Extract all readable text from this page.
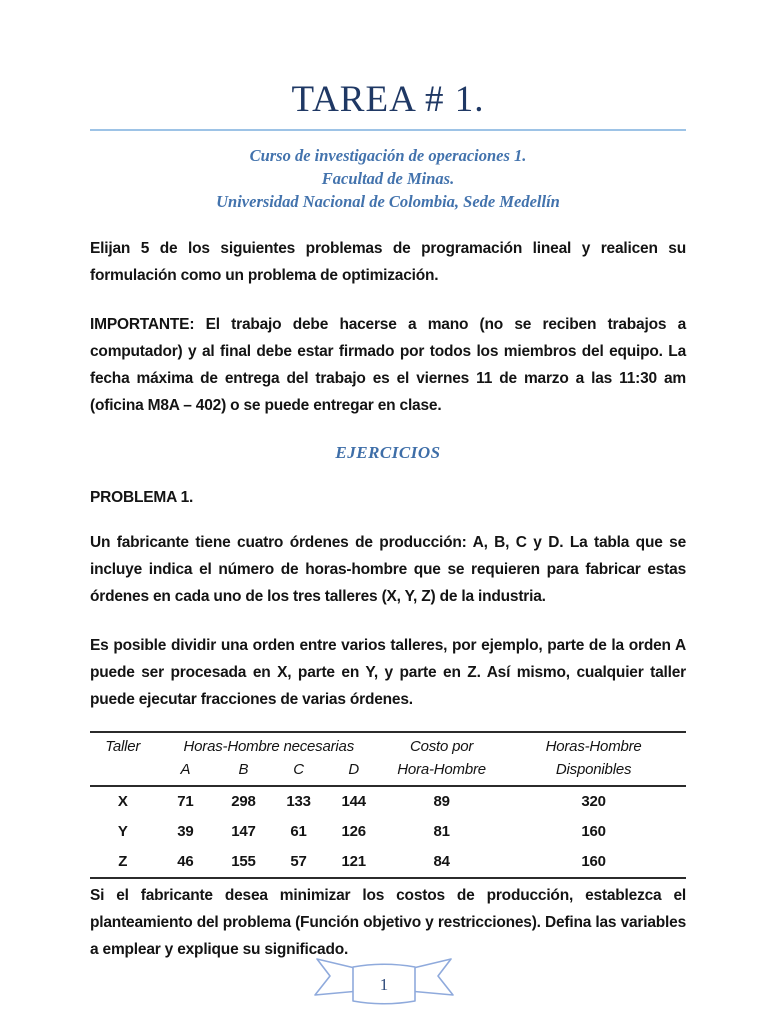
TAREA # 1.
Curso de investigación de operaciones 1.
Facultad de Minas.
Universidad Nacional de Colombia, Sede Medellín

Elijan 5 de los siguientes problemas de programación lineal y realicen su formulación como un problema de optimización.

IMPORTANTE: El trabajo debe hacerse a mano (no se reciben trabajos a computador) y al final debe estar firmado por todos los miembros del equipo. La fecha máxima de entrega del trabajo es el viernes 11 de marzo a las 11:30 am (oficina M8A – 402) o se puede entregar en clase.

EJERCICIOS
PROBLEMA 1.

Un fabricante tiene cuatro órdenes de producción: A, B, C y D. La tabla que se incluye indica el número de horas-hombre que se requieren para fabricar estas órdenes en cada uno de los tres talleres (X, Y, Z) de la industria.

Es posible dividir una orden entre varios talleres, por ejemplo, parte de la orden A puede ser procesada en X, parte en Y, y parte en Z. Así mismo, cualquier taller puede ejecutar fracciones de varias órdenes.

Taller	Horas-Hombre necesarias				Costo por	Horas-Hombre
	A	B	C	D	Hora-Hombre	Disponibles
X	71	298	133	144	89	320
Y	39	147	61	126	81	160
Z	46	155	57	121	84	160

Si el fabricante desea minimizar los costos de producción, establezca el planteamiento del problema (Función objetivo y restricciones). Defina las variables a emplear y explique su significado.

1
